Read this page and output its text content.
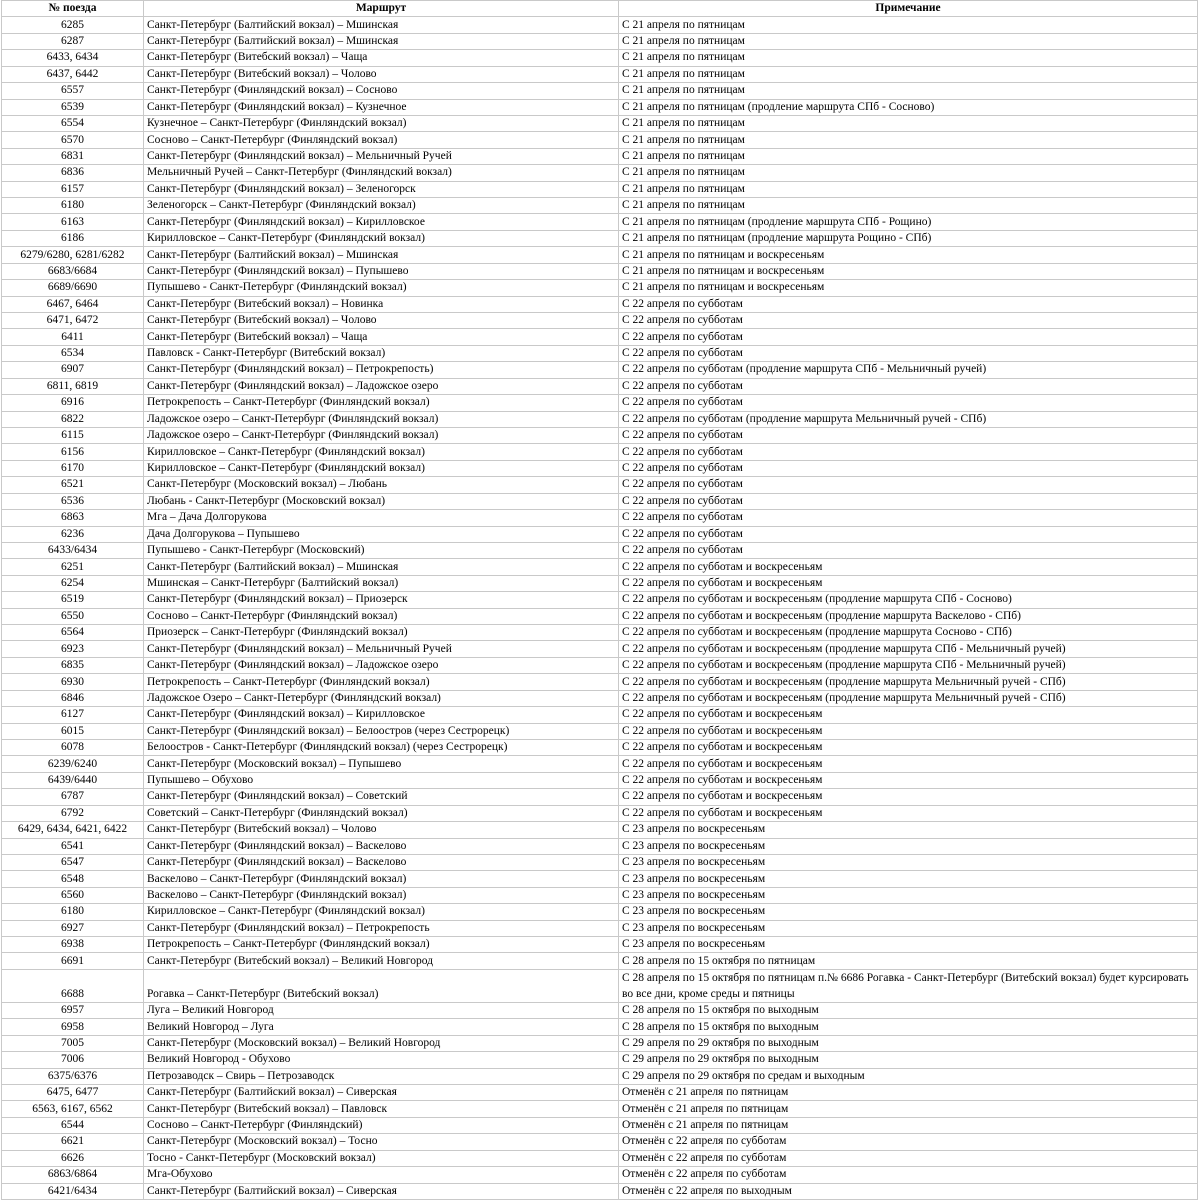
№ поезда	Маршрут	Примечание
6285	Санкт-Петербург (Балтийский вокзал) – Мшинская	С 21 апреля по пятницам
6287	Санкт-Петербург (Балтийский вокзал) – Мшинская	С 21 апреля по пятницам
6433, 6434	Санкт-Петербург (Витебский вокзал) – Чаща	С 21 апреля по пятницам
6437, 6442	Санкт-Петербург (Витебский вокзал) – Чолово	С 21 апреля по пятницам
6557	Санкт-Петербург (Финляндский вокзал) – Сосново	С 21 апреля по пятницам
6539	Санкт-Петербург (Финляндский вокзал) – Кузнечное	С 21 апреля по пятницам (продление маршрута СПб - Сосново)
6554	Кузнечное – Санкт-Петербург (Финляндский вокзал)	С 21 апреля по пятницам
6570	Сосново – Санкт-Петербург (Финляндский вокзал)	С 21 апреля по пятницам
6831	Санкт-Петербург (Финляндский вокзал) – Мельничный Ручей	С 21 апреля по пятницам
6836	Мельничный Ручей – Санкт-Петербург (Финляндский вокзал)	С 21 апреля по пятницам
6157	Санкт-Петербург (Финляндский вокзал) – Зеленогорск	С 21 апреля по пятницам
6180	Зеленогорск – Санкт-Петербург (Финляндский вокзал)	С 21 апреля по пятницам
6163	Санкт-Петербург (Финляндский вокзал) – Кирилловское	С 21 апреля по пятницам (продление маршрута СПб - Рощино)
6186	Кирилловское – Санкт-Петербург (Финляндский вокзал)	С 21 апреля по пятницам (продление маршрута Рощино - СПб)
6279/6280, 6281/6282	Санкт-Петербург (Балтийский вокзал) – Мшинская	С 21 апреля по пятницам и воскресеньям
6683/6684	Санкт-Петербург (Финляндский вокзал) – Пупышево	С 21 апреля по пятницам и воскресеньям
6689/6690	Пупышево - Санкт-Петербург (Финляндский вокзал)	С 21 апреля по пятницам и воскресеньям
6467, 6464	Санкт-Петербург (Витебский вокзал) – Новинка	С 22 апреля по субботам
6471, 6472	Санкт-Петербург (Витебский вокзал) – Чолово	С 22 апреля по субботам
6411	Санкт-Петербург (Витебский вокзал) – Чаща	С 22 апреля по субботам
6534	Павловск - Санкт-Петербург (Витебский вокзал)	С 22 апреля по субботам
6907	Санкт-Петербург (Финляндский вокзал) – Петрокрепость)	С 22 апреля по субботам (продление маршрута СПб - Мельничный ручей)
6811, 6819	Санкт-Петербург (Финляндский вокзал) – Ладожское озеро	С 22 апреля по субботам
6916	Петрокрепость – Санкт-Петербург (Финляндский вокзал)	С 22 апреля по субботам
6822	Ладожское озеро – Санкт-Петербург (Финляндский вокзал)	С 22 апреля по субботам (продление маршрута Мельничный ручей - СПб)
6115	Ладожское озеро – Санкт-Петербург (Финляндский вокзал)	С 22 апреля по субботам
6156	Кирилловское – Санкт-Петербург (Финляндский вокзал)	С 22 апреля по субботам
6170	Кирилловское – Санкт-Петербург (Финляндский вокзал)	С 22 апреля по субботам
6521	Санкт-Петербург (Московский вокзал) – Любань	С 22 апреля по субботам
6536	Любань - Санкт-Петербург (Московский вокзал)	С 22 апреля по субботам
6863	Мга – Дача Долгорукова	С 22 апреля по субботам
6236	Дача Долгорукова – Пупышево	С 22 апреля по субботам
6433/6434	Пупышево - Санкт-Петербург (Московский)	С 22 апреля по субботам
6251	Санкт-Петербург (Балтийский вокзал) – Мшинская	С 22 апреля по субботам и воскресеньям
6254	Мшинская – Санкт-Петербург (Балтийский вокзал)	С 22 апреля по субботам и воскресеньям
6519	Санкт-Петербург (Финляндский вокзал) – Приозерск	С 22 апреля по субботам и воскресеньям (продление маршрута СПб - Сосново)
6550	Сосново – Санкт-Петербург (Финляндский вокзал)	С 22 апреля по субботам и воскресеньям (продление маршрута Васкелово - СПб)
6564	Приозерск – Санкт-Петербург (Финляндский вокзал)	С 22 апреля по субботам и воскресеньям (продление маршрута Сосново - СПб)
6923	Санкт-Петербург (Финляндский вокзал) – Мельничный Ручей	С 22 апреля по субботам и воскресеньям (продление маршрута СПб - Мельничный ручей)
6835	Санкт-Петербург (Финляндский вокзал) – Ладожское озеро	С 22 апреля по субботам и воскресеньям (продление маршрута СПб - Мельничный ручей)
6930	Петрокрепость – Санкт-Петербург (Финляндский вокзал)	С 22 апреля по субботам и воскресеньям (продление маршрута Мельничный ручей - СПб)
6846	Ладожское Озеро – Санкт-Петербург (Финляндский вокзал)	С 22 апреля по субботам и воскресеньям (продление маршрута Мельничный ручей - СПб)
6127	Санкт-Петербург (Финляндский вокзал) – Кирилловское	С 22 апреля по субботам и воскресеньям
6015	Санкт-Петербург (Финляндский вокзал) – Белоостров (через Сестрорецк)	С 22 апреля по субботам и воскресеньям
6078	Белоостров - Санкт-Петербург (Финляндский вокзал) (через Сестрорецк)	С 22 апреля по субботам и воскресеньям
6239/6240	Санкт-Петербург (Московский вокзал) – Пупышево	С 22 апреля по субботам и воскресеньям
6439/6440	Пупышево – Обухово	С 22 апреля по субботам и воскресеньям
6787	Санкт-Петербург (Финляндский вокзал) – Советский	С 22 апреля по субботам и воскресеньям
6792	Советский – Санкт-Петербург (Финляндский вокзал)	С 22 апреля по субботам и воскресеньям
6429, 6434, 6421, 6422	Санкт-Петербург (Витебский вокзал) – Чолово	С 23 апреля по воскресеньям
6541	Санкт-Петербург (Финляндский вокзал) – Васкелово	С 23 апреля по воскресеньям
6547	Санкт-Петербург (Финляндский вокзал) – Васкелово	С 23 апреля по воскресеньям
6548	Васкелово – Санкт-Петербург (Финляндский вокзал)	С 23 апреля по воскресеньям
6560	Васкелово – Санкт-Петербург (Финляндский вокзал)	С 23 апреля по воскресеньям
6180	Кирилловское – Санкт-Петербург (Финляндский вокзал)	С 23 апреля по воскресеньям
6927	Санкт-Петербург (Финляндский вокзал) – Петрокрепость	С 23 апреля по воскресеньям
6938	Петрокрепость – Санкт-Петербург (Финляндский вокзал)	С 23 апреля по воскресеньям
6691	Санкт-Петербург (Витебский вокзал) – Великий Новгород	С 28 апреля по 15 октября по пятницам
6688	Рогавка – Санкт-Петербург (Витебский вокзал)	С 28 апреля по 15 октября по пятницам п.№ 6686 Рогавка - Санкт-Петербург (Витебский вокзал) будет курсировать во все дни, кроме среды и пятницы
6957	Луга – Великий Новгород	С 28 апреля по 15 октября по выходным
6958	Великий Новгород – Луга	С 28 апреля по 15 октября по выходным
7005	Санкт-Петербург (Московский вокзал) – Великий Новгород	С 29 апреля по 29 октября по выходным
7006	Великий Новгород - Обухово	С 29 апреля по 29 октября по выходным
6375/6376	Петрозаводск – Свирь – Петрозаводск	С 29 апреля по 29 октября по средам и выходным
6475, 6477	Санкт-Петербург (Балтийский вокзал) – Сиверская	Отменён с 21 апреля по пятницам
6563, 6167, 6562	Санкт-Петербург (Витебский вокзал) – Павловск	Отменён с 21 апреля по пятницам
6544	Сосново – Санкт-Петербург (Финляндский)	Отменён с 21 апреля по пятницам
6621	Санкт-Петербург (Московский вокзал) – Тосно	Отменён с 22 апреля по субботам
6626	Тосно - Санкт-Петербург (Московский вокзал)	Отменён с 22 апреля по субботам
6863/6864	Мга-Обухово	Отменён с 22 апреля по субботам
6421/6434	Санкт-Петербург (Балтийский вокзал) – Сиверская	Отменён с 22 апреля по выходным
